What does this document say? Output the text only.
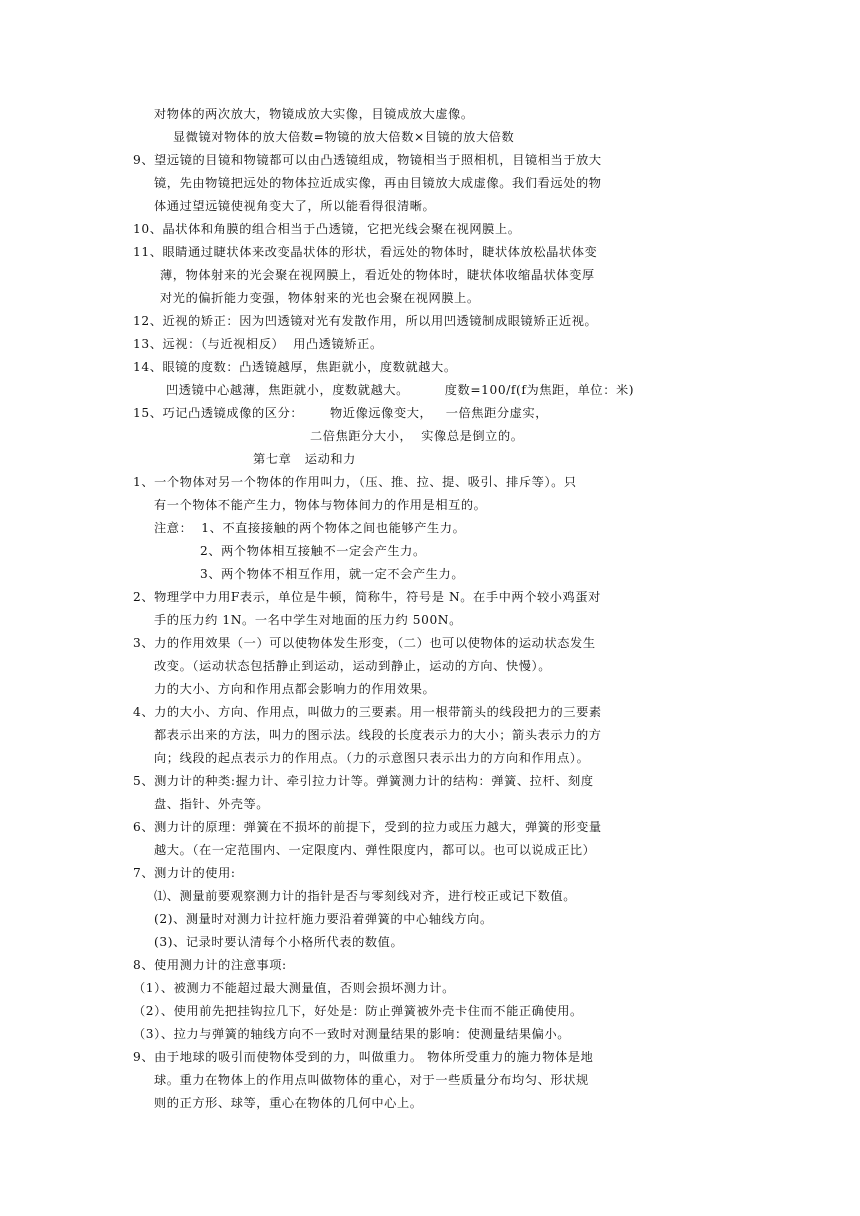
对物体的两次放大，物镜成放大实像，目镜成放大虚像。
显微镜对物体的放大倍数=物镜的放大倍数×目镜的放大倍数
9、望远镜的目镜和物镜都可以由凸透镜组成，物镜相当于照相机，目镜相当于放大
镜，先由物镜把远处的物体拉近成实像，再由目镜放大成虚像。我们看远处的物
体通过望远镜使视角变大了，所以能看得很清晰。
10、晶状体和角膜的组合相当于凸透镜，它把光线会聚在视网膜上。
11、眼睛通过睫状体来改变晶状体的形状，看远处的物体时，睫状体放松晶状体变
薄，物体射来的光会聚在视网膜上，看近处的物体时，睫状体收缩晶状体变厚
对光的偏折能力变强，物体射来的光也会聚在视网膜上。
12、近视的矫正：因为凹透镜对光有发散作用，所以用凹透镜制成眼镜矫正近视。
13、远视：（与近视相反）  用凸透镜矫正。
14、眼镜的度数：凸透镜越厚，焦距就小，度数就越大。
凹透镜中心越薄，焦距就小，度数就越大。        度数=100/f(f为焦距，单位：米)
15、巧记凸透镜成像的区分：      物近像远像变大，   一倍焦距分虚实，
二倍焦距分大小，  实像总是倒立的。
第七章   运动和力
1、一个物体对另一个物体的作用叫力，（压、推、拉、提、吸引、排斥等）。只
有一个物体不能产生力，物体与物体间力的作用是相互的。
注意：  1、不直接接触的两个物体之间也能够产生力。
2、两个物体相互接触不一定会产生力。
3、两个物体不相互作用，就一定不会产生力。
2、物理学中力用F表示，单位是牛顿，简称牛，符号是 N。在手中两个较小鸡蛋对
手的压力约 1N。一名中学生对地面的压力约 500N。
3、力的作用效果（一）可以使物体发生形变，（二）也可以使物体的运动状态发生
改变。（运动状态包括静止到运动，运动到静止，运动的方向、快慢）。
力的大小、方向和作用点都会影响力的作用效果。
4、力的大小、方向、作用点，叫做力的三要素。用一根带箭头的线段把力的三要素
都表示出来的方法，叫力的图示法。线段的长度表示力的大小；箭头表示力的方
向；线段的起点表示力的作用点。（力的示意图只表示出力的方向和作用点）。
5、测力计的种类:握力计、牵引拉力计等。弹簧测力计的结构：弹簧、拉杆、刻度
盘、指针、外壳等。
6、测力计的原理：弹簧在不损坏的前提下，受到的拉力或压力越大，弹簧的形变量
越大。（在一定范围内、一定限度内、弹性限度内，都可以。也可以说成正比）
7、测力计的使用:
⑴、测量前要观察测力计的指针是否与零刻线对齐，进行校正或记下数值。
(2)、测量时对测力计拉杆施力要沿着弹簧的中心轴线方向。
(3)、记录时要认清每个小格所代表的数值。
8、使用测力计的注意事项:
（1）、被测力不能超过最大测量值，否则会损坏测力计。
（2）、使用前先把挂钩拉几下，好处是：防止弹簧被外壳卡住而不能正确使用。
（3）、拉力与弹簧的轴线方向不一致时对测量结果的影响：使测量结果偏小。
9、由于地球的吸引而使物体受到的力，叫做重力。 物体所受重力的施力物体是地
球。重力在物体上的作用点叫做物体的重心，对于一些质量分布均匀、形状规
则的正方形、球等，重心在物体的几何中心上。
